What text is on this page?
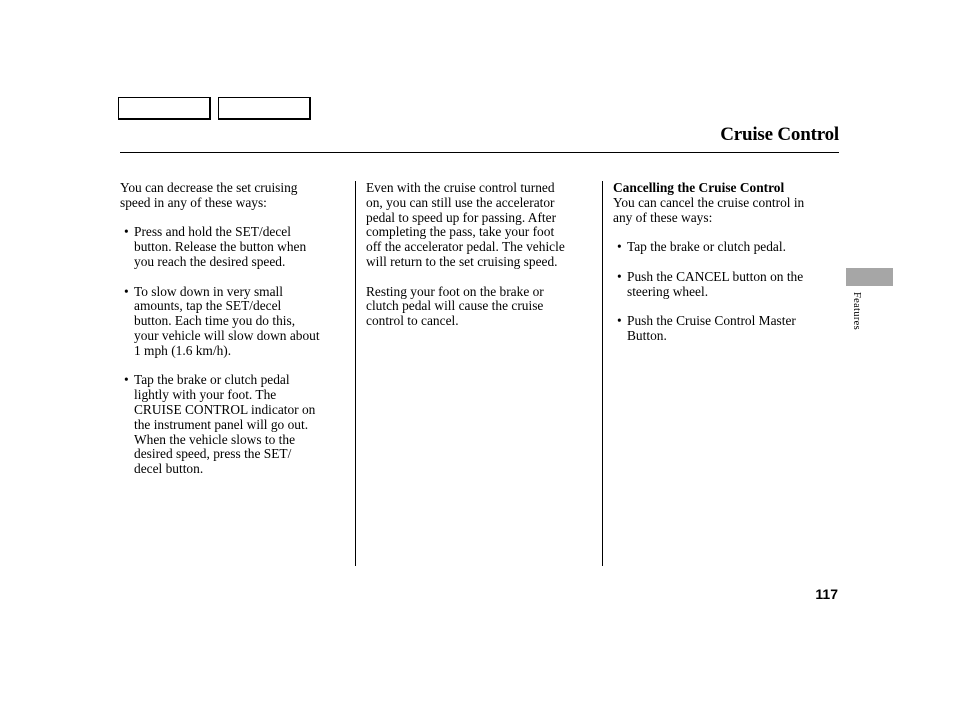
Cruise Control

You can decrease the set cruising
speed in any of these ways:

• Press and hold the SET/decel
button. Release the button when
you reach the desired speed.
• To slow down in very small
amounts, tap the SET/decel
button. Each time you do this,
your vehicle will slow down about
1 mph (1.6 km/h).
• Tap the brake or clutch pedal
lightly with your foot. The
CRUISE CONTROL indicator on
the instrument panel will go out.
When the vehicle slows to the
desired speed, press the SET/
decel button.

Even with the cruise control turned
on, you can still use the accelerator
pedal to speed up for passing. After
completing the pass, take your foot
off the accelerator pedal. The vehicle
will return to the set cruising speed.

Resting your foot on the brake or
clutch pedal will cause the cruise
control to cancel.

Cancelling the Cruise Control

You can cancel the cruise control in
any of these ways:

• Tap the brake or clutch pedal.
• Push the CANCEL button on the
steering wheel.
• Push the Cruise Control Master
Button.
Features
117
